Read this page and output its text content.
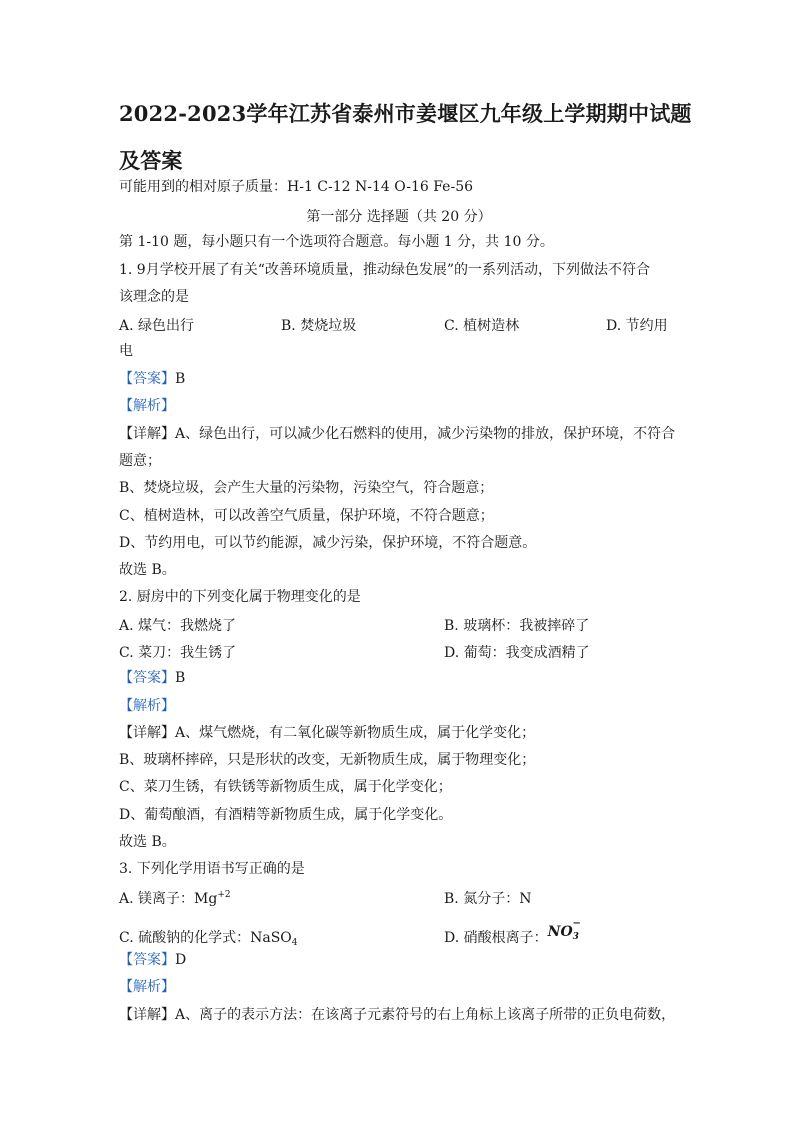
2022-2023学年江苏省泰州市姜堰区九年级上学期期中试题
及答案
可能用到的相对原子质量：H-1 C-12 N-14 O-16 Fe-56
第一部分 选择题（共 20 分）
第 1-10 题，每小题只有一个选项符合题意。每小题 1 分，共 10 分。
1. 9月学校开展了有关“改善环境质量，推动绿色发展”的一系列活动，下列做法不符合
该理念的是
A. 绿色出行	B. 焚烧垃圾	C. 植树造林	D. 节约用
电
【答案】B
【解析】
【详解】A、绿色出行，可以减少化石燃料的使用，减少污染物的排放，保护环境，不符合
题意；
B、焚烧垃圾，会产生大量的污染物，污染空气，符合题意；
C、植树造林，可以改善空气质量，保护环境，不符合题意；
D、节约用电，可以节约能源，减少污染，保护环境，不符合题意。
故选 B。
2. 厨房中的下列变化属于物理变化的是
A. 煤气：我燃烧了	B. 玻璃杯：我被摔碎了
C. 菜刀：我生锈了	D. 葡萄：我变成酒精了
【答案】B
【解析】
【详解】A、煤气燃烧，有二氧化碳等新物质生成，属于化学变化；
B、玻璃杯摔碎，只是形状的改变，无新物质生成，属于物理变化；
C、菜刀生锈，有铁锈等新物质生成，属于化学变化；
D、葡萄酿酒，有酒精等新物质生成，属于化学变化。
故选 B。
3. 下列化学用语书写正确的是
A. 镁离子：$Mg^{+2}$	B. 氮分子：N
C. 硫酸钠的化学式：NaSO$_4$	D. 硝酸根离子：$NO_3$
−
【答案】D
【解析】
【详解】A、离子的表示方法：在该离子元素符号的右上角标上该离子所带的正负电荷数，
